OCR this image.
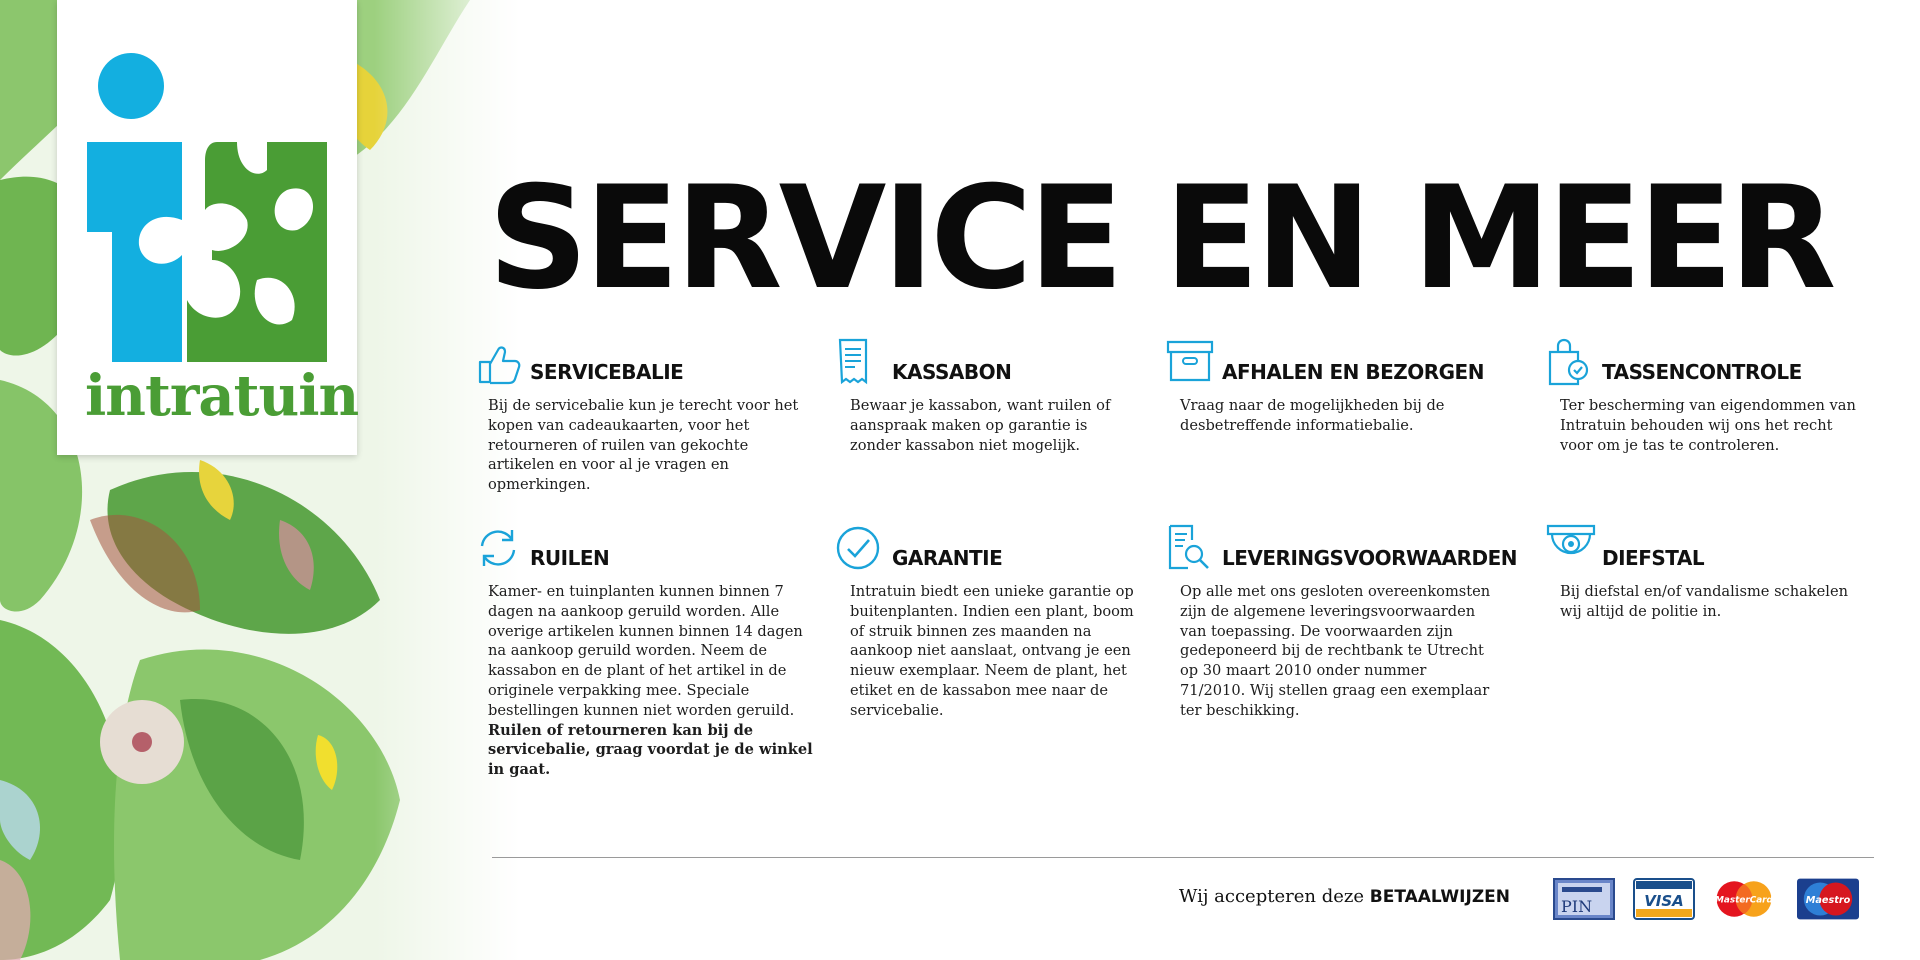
intratuin
SERVICE EN MEER
SERVICEBALIE

Bij de servicebalie kun je terecht voor het kopen van cadeaukaarten, voor het retourneren of ruilen van gekochte artikelen en voor al je vragen en opmerkingen.

KASSABON

Bewaar je kassabon, want ruilen of aanspraak maken op garantie is zonder kassabon niet mogelijk.

AFHALEN EN BEZORGEN

Vraag naar de mogelijkheden bij de desbetreffende informatiebalie.

TASSENCONTROLE

Ter bescherming van eigendommen van Intratuin behouden wij ons het recht voor om je tas te controleren.

RUILEN

Kamer- en tuinplanten kunnen binnen 7 dagen na aankoop geruild worden. Alle overige artikelen kunnen binnen 14 dagen na aankoop geruild worden. Neem de kassabon en de plant of het artikel in de originele verpakking mee. Speciale bestellingen kunnen niet worden geruild.
Ruilen of retourneren kan bij de servicebalie, graag voordat je de winkel in gaat.

GARANTIE

Intratuin biedt een unieke garantie op buitenplanten. Indien een plant, boom of struik binnen zes maanden na aankoop niet aanslaat, ontvang je een nieuw exemplaar. Neem de plant, het etiket en de kassabon mee naar de servicebalie.

LEVERINGSVOORWAARDEN

Op alle met ons gesloten overeenkomsten zijn de algemene leveringsvoorwaarden van toepassing. De voorwaarden zijn gedeponeerd bij de rechtbank te Utrecht op 30 maart 2010 onder nummer 71/2010. Wij stellen graag een exemplaar ter beschikking.

DIEFSTAL

Bij diefstal en/of vandalisme schakelen wij altijd de politie in.

Wij accepteren deze BETAALWIJZEN	PIN	VISA	MasterCard	Maestro
